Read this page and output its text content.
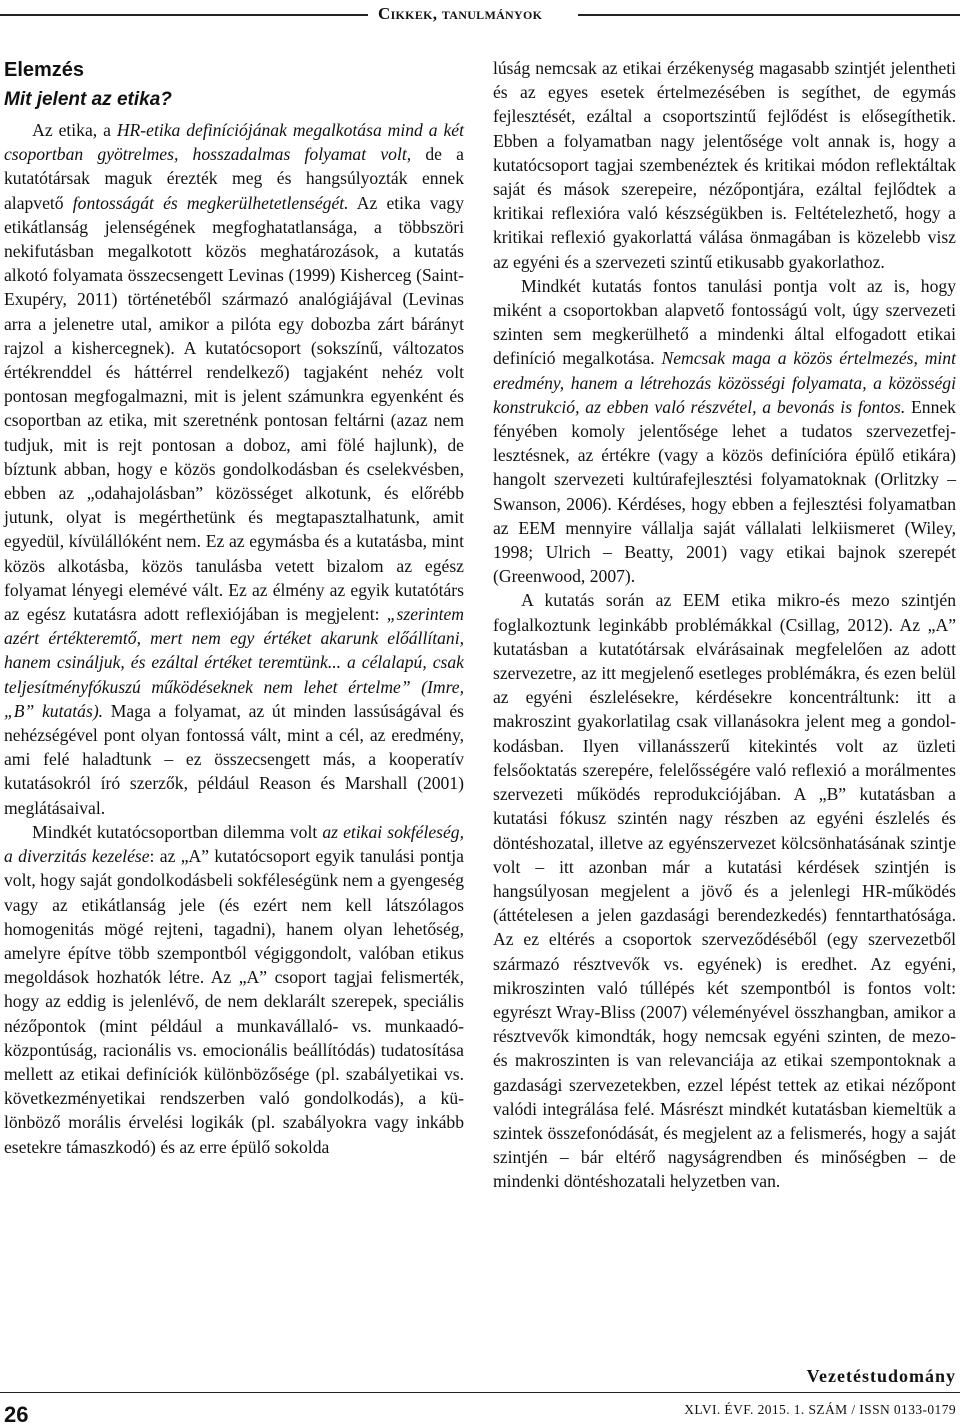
Cikkek, tanulmányok
Elemzés
Mit jelent az etika?

Az etika, a HR-etika definíciójának megalkotása mind a két csoportban gyötrelmes, hosszadalmas folyamat volt, de a kutatótársak maguk érezték meg és hangsúlyozták ennek alapvető fontosságát és megkerülhetetlenségét. Az etika vagy etikátlanság jelenségének megfoghatatlansága, a többszöri nekifutásban megalkotott közös meghatározások, a kutatás alkotó folyamata összecsengett Levinas (1999) Kisherceg (Saint-Exupéry, 2011) történetéből származó analógiájával (Levinas arra a jelenetre utal, amikor a pilóta egy dobozba zárt bárányt rajzol a kishercegnek). A kutatócsoport (sokszínű, változatos értékrenddel és háttérrel rendelkező) tagjaként nehéz volt pontosan megfogalmazni, mit is jelent számunkra egyenként és csoportban az etika, mit szeretnénk pontosan feltárni (azaz nem tudjuk, mit is rejt pontosan a doboz, ami fölé hajlunk), de bíztunk abban, hogy e közös gondolkodásban és cselekvésben, ebben az „odahajolásban” közösséget alkotunk, és előrébb jutunk, olyat is megérthetünk és megtapasztalhatunk, amit egyedül, kívülállóként nem. Ez az egymásba és a kutatásba, mint közös alkotásba, közös tanulásba vetett bizalom az egész folyamat lényegi elemévé vált. Ez az élmény az egyik kutatótárs az egész kutatásra adott reflexiójában is megjelent: „szerintem azért értékteremtő, mert nem egy értéket akarunk előállítani, hanem csináljuk, és ezáltal értéket teremtünk... a célalapú, csak teljesítményfókuszú működéseknek nem lehet értelme” (Imre, „B” kutatás). Maga a folyamat, az út minden lassúságával és nehézségével pont olyan fontossá vált, mint a cél, az eredmény, ami felé haladtunk – ez összecsengett más, a kooperatív kutatásokról író szerzők, például Reason és Marshall (2001) meglátásaival.

Mindkét kutatócsoportban dilemma volt az etikai sokféleség, a diverzitás kezelése: az „A” kutatócsoport egyik tanulási pontja volt, hogy saját gondolkodásbeli sokféleségünk nem a gyengeség vagy az etikátlanság jele (és ezért nem kell látszólagos homogenitás mögé rejteni, tagadni), hanem olyan lehetőség, amelyre építve több szempontból végiggondolt, valóban etikus megoldások hozhatók létre. Az „A” csoport tagjai felismerték, hogy az eddig is jelenlévő, de nem deklarált szerepek, speciális nézőpontok (mint például a munkavállaló- vs. munkaadó-központúság, racionális vs. emocionális beállítódás) tudatosítása mellett az etikai definíciók különbözősége (pl. szabályetikai vs. következményetikai rendszerben való gondolkodás), a különböző morális érvelési logikák (pl. szabályokra vagy inkább esetekre támaszkodó) és az erre épülő sokolda

lúság nemcsak az etikai érzékenység magasabb szintjét jelentheti és az egyes esetek értelmezésében is segíthet, de egymás fejlesztését, ezáltal a csoportszintű fejlődést is elősegíthetik. Ebben a folyamatban nagy jelentősége volt annak is, hogy a kutatócsoport tagjai szembenéztek és kritikai módon reflektáltak saját és mások szerepeire, nézőpontjára, ezáltal fejlődtek a kritikai reflexióra való készségükben is. Feltételezhető, hogy a kritikai reflexió gyakorlattá válása önmagában is közelebb visz az egyéni és a szervezeti szintű etikusabb gyakorlathoz.

Mindkét kutatás fontos tanulási pontja volt az is, hogy miként a csoportokban alapvető fontosságú volt, úgy szervezeti szinten sem megkerülhető a mindenki által elfogadott etikai definíció megalkotása. Nemcsak maga a közös értelmezés, mint eredmény, hanem a létrehozás közösségi folyamata, a közösségi konstrukció, az ebben való részvétel, a bevonás is fontos. Ennek fényében komoly jelentősége lehet a tudatos szervezetfejlesztésnek, az értékre (vagy a közös definícióra épülő etikára) hangolt szervezeti kultúrafejlesztési folyamatoknak (Orlitzky – Swanson, 2006). Kérdéses, hogy ebben a fejlesztési folyamatban az EEM mennyire vállalja saját vállalati lelkiismeret (Wiley, 1998; Ulrich – Beatty, 2001) vagy etikai bajnok szerepét (Greenwood, 2007).

A kutatás során az EEM etika mikro-és mezo szintjén foglalkoztunk leginkább problémákkal (Csillag, 2012). Az „A” kutatásban a kutatótársak elvárásainak megfelelően az adott szervezetre, az itt megjelenő esetleges problémákra, és ezen belül az egyéni észlelésekre, kérdésekre koncentráltunk: itt a makroszint gyakorlatilag csak villanásokra jelent meg a gondolkodásban. Ilyen villanásszerű kitekintés volt az üzleti felsőoktatás szerepére, felelősségére való reflexió a morálmentes szervezeti működés reprodukciójában. A „B” kutatásban a kutatási fókusz szintén nagy részben az egyéni észlelés és döntéshozatal, illetve az egyénszervezet kölcsönhatásának szintje volt – itt azonban már a kutatási kérdések szintjén is hangsúlyosan megjelent a jövő és a jelenlegi HR-működés (áttételesen a jelen gazdasági berendezkedés) fenntarthatósága. Az ez eltérés a csoportok szerveződéséből (egy szervezetből származó résztvevők vs. egyének) is eredhet. Az egyéni, mikroszinten való túllépés két szempontból is fontos volt: egyrészt Wray-Bliss (2007) véleményével összhangban, amikor a résztvevők kimondták, hogy nemcsak egyéni szinten, de mezo- és makroszinten is van relevanciája az etikai szempontoknak a gazdasági szervezetekben, ezzel lépést tettek az etikai nézőpont valódi integrálása felé. Másrészt mindkét kutatásban kiemeltük a szintek összefonódását, és megjelent az a felismerés, hogy a saját szintjén – bár eltérő nagyságrendben és minőségben – de mindenki döntéshozatali helyzetben van.

Vezetéstudomány
26	XLVI. ÉVF. 2015. 1. SZÁM / ISSN 0133-0179
